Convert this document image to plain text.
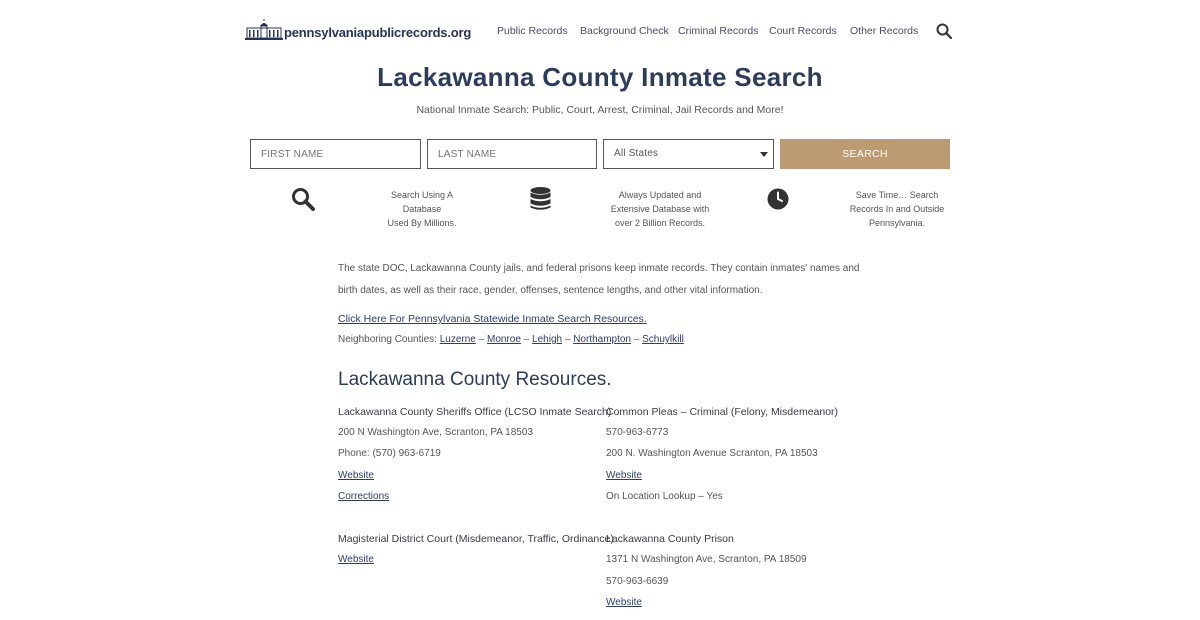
pennsylvaniapublicrecords.org Public Records Background Check Criminal Records Court Records Other Records
Lackawanna County Inmate Search
National Inmate Search: Public, Court, Arrest, Criminal, Jail Records and More!
FIRST NAME
LAST NAME
All States	SEARCH
Search Using A Database
Used By Millions.
Always Updated and
Extensive Database with
over 2 Billion Records.
Save Time… Search
Records In and Outside
Pennsylvania.

The state DOC, Lackawanna County jails, and federal prisons keep inmate records. They contain inmates' names and birth dates, as well as their race, gender, offenses, sentence lengths, and other vital information.

Click Here For Pennsylvania Statewide Inmate Search Resources.
Neighboring Counties: Luzerne – Monroe – Lehigh – Northampton – Schuylkill
Lackawanna County Resources.
Lackawanna County Sheriffs Office (LCSO Inmate Search)
200 N Washington Ave, Scranton, PA 18503
Phone: (570) 963-6719
Website
Corrections
Magisterial District Court (Misdemeanor, Traffic, Ordinance)
Website
Common Pleas – Criminal (Felony, Misdemeanor)
570-963-6773
200 N. Washington Avenue Scranton, PA 18503
Website
On Location Lookup – Yes
Lackawanna County Prison
1371 N Washington Ave, Scranton, PA 18509
570-963-6639
Website
